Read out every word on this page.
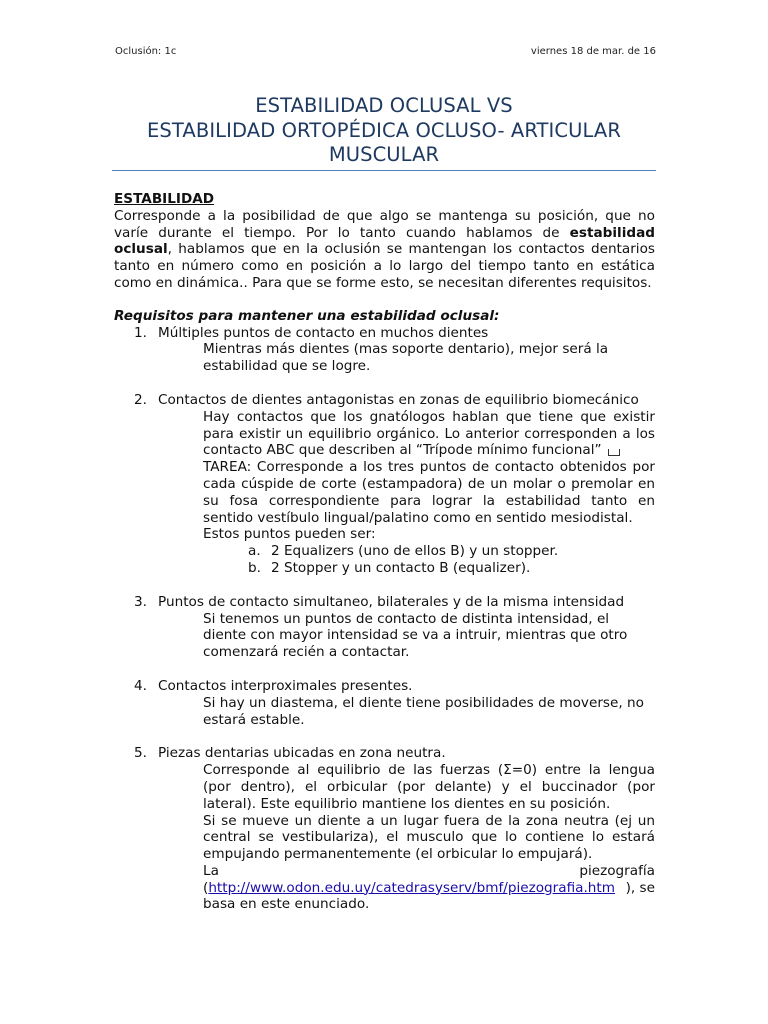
Oclusión: 1c	viernes 18 de mar. de 16
ESTABILIDAD OCLUSAL VS
ESTABILIDAD ORTOPÉDICA OCLUSO- ARTICULAR
MUSCULAR

ESTABILIDAD

Corresponde a la posibilidad de que algo se mantenga su posición, que no varíe durante el tiempo. Por lo tanto cuando hablamos de estabilidad oclusal, hablamos que en la oclusión se mantengan los contactos dentarios tanto en número como en posición a lo largo del tiempo tanto en estática como en dinámica.. Para que se forme esto, se necesitan diferentes requisitos.

Requisitos para mantener una estabilidad oclusal:

1. Múltiples puntos de contacto en muchos dientes
Mientras más dientes (mas soporte dentario), mejor será la estabilidad que se logre.
2. Contactos de dientes antagonistas en zonas de equilibrio biomecánico
Hay contactos que los gnatólogos hablan que tiene que existir para existir un equilibrio orgánico. Lo anterior corresponden a los contacto ABC que describen al “Trípode mínimo funcional”
TAREA: Corresponde a los tres puntos de contacto obtenidos por cada cúspide de corte (estampadora) de un molar o premolar en su fosa correspondiente para lograr la estabilidad tanto en sentido vestíbulo lingual/palatino como en sentido mesiodistal.
Estos puntos pueden ser:
a. 2 Equalizers (uno de ellos B) y un stopper.
b. 2 Stopper y un contacto B (equalizer).
3. Puntos de contacto simultaneo, bilaterales y de la misma intensidad
Si tenemos un puntos de contacto de distinta intensidad, el diente con mayor intensidad se va a intruir, mientras que otro comenzará recién a contactar.
4. Contactos interproximales presentes.
Si hay un diastema, el diente tiene posibilidades de moverse, no estará estable.
5. Piezas dentarias ubicadas en zona neutra.
Corresponde al equilibrio de las fuerzas (Σ=0) entre la lengua (por dentro), el orbicular (por delante) y el buccinador (por lateral). Este equilibrio mantiene los dientes en su posición.
Si se mueve un diente a un lugar fuera de la zona neutra (ej un central se vestibulariza), el musculo que lo contiene lo estará empujando permanentemente (el orbicular lo empujará).
La	piezografía
(http://www.odon.edu.uy/catedrasyserv/bmf/piezografia.htm ), se
basa en este enunciado.
